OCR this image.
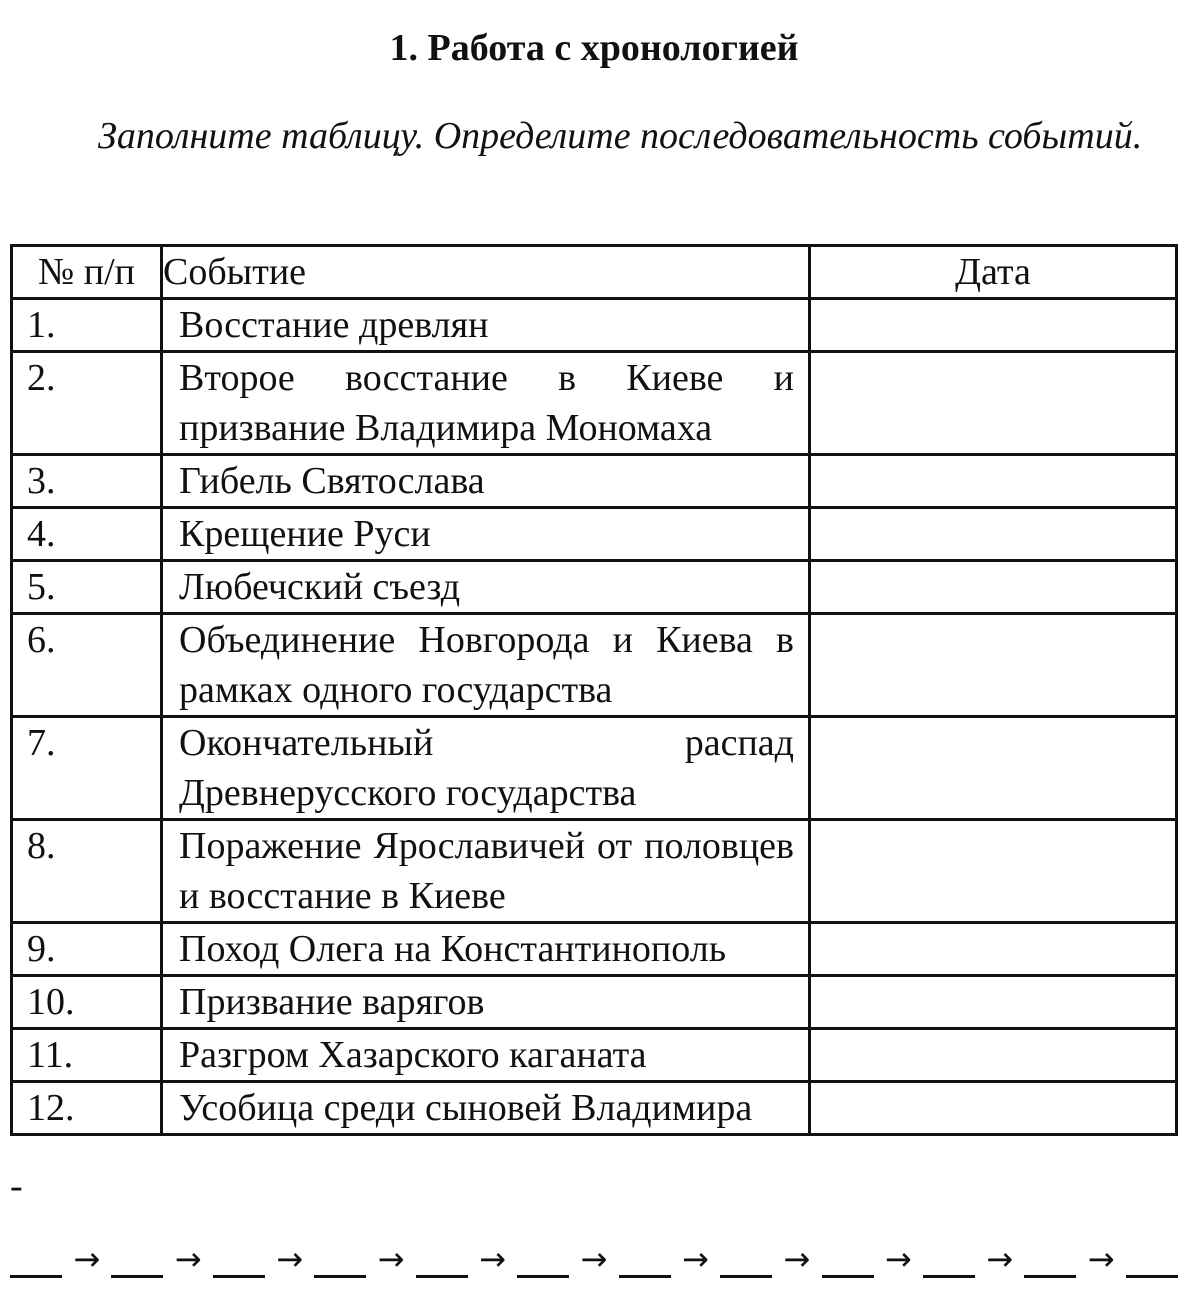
1. Работа с хронологией
Заполните таблицу. Определите последовательность событий.
№ п/п	Событие	Дата
1.	Восстание древлян	
2.	Второе восстание в Киеве и призвание Владимира Мономаха	
3.	Гибель Святослава	
4.	Крещение Руси	
5.	Любечский съезд	
6.	Объединение Новгорода и Киева в рамках одного государства	
7.	Окончательный распад Древнерусского государства	
8.	Поражение Ярославичей от половцев и восстание в Киеве	
9.	Поход Олега на Константинополь	
10.	Призвание варягов	
11.	Разгром Хазарского каганата	
12.	Усобица среди сыновей Владимира	
-
→ → → → → → → → → → →
